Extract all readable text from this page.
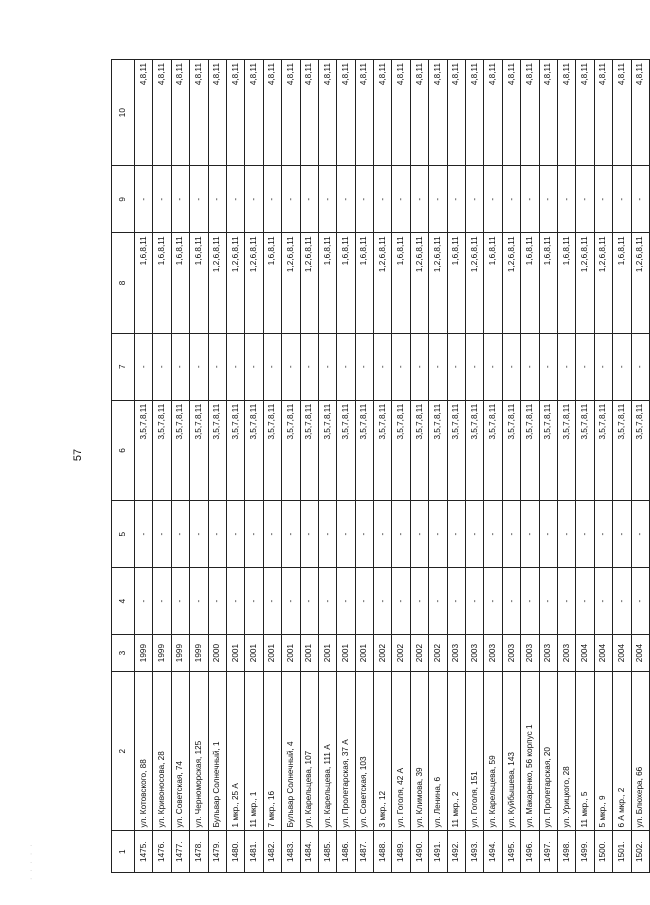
57
· · · · ·	1	2	3	4	5	6	7	8	9	10
1475.	ул. Котовского, 88	1999	-	-	3,5,7,8,11	-	1,6,8,11	-	4,8,11
1476.	ул. Кривоносова, 28	1999	-	-	3,5,7,8,11	-	1,6,8,11	-	4,8,11
1477.	ул. Советская, 74	1999	-	-	3,5,7,8,11	-	1,6,8,11	-	4,8,11
1478.	ул. Черноморская, 125	1999	-	-	3,5,7,8,11	-	1,6,8,11	-	4,8,11
1479.	Бульвар Солнечный, 1	2000	-	-	3,5,7,8,11	-	1,2,6,8,11	-	4,8,11
1480.	1 мкр., 25 А	2001	-	-	3,5,7,8,11	-	1,2,6,8,11	-	4,8,11
1481.	11 мкр., 1	2001	-	-	3,5,7,8,11	-	1,2,6,8,11	-	4,8,11
1482.	7 мкр., 16	2001	-	-	3,5,7,8,11	-	1,6,8,11	-	4,8,11
1483.	Бульвар Солнечный, 4	2001	-	-	3,5,7,8,11	-	1,2,6,8,11	-	4,8,11
1484.	ул. Карельцева, 107	2001	-	-	3,5,7,8,11	-	1,2,6,8,11	-	4,8,11
1485.	ул. Карельцева, 111 А	2001	-	-	3,5,7,8,11	-	1,6,8,11	-	4,8,11
1486.	ул. Пролетарская, 37 А	2001	-	-	3,5,7,8,11	-	1,6,8,11	-	4,8,11
1487.	ул. Советская, 103	2001	-	-	3,5,7,8,11	-	1,6,8,11	-	4,8,11
1488.	3 мкр., 12	2002	-	-	3,5,7,8,11	-	1,2,6,8,11	-	4,8,11
1489.	ул. Гоголя, 42 А	2002	-	-	3,5,7,8,11	-	1,6,8,11	-	4,8,11
1490.	ул. Климова, 39	2002	-	-	3,5,7,8,11	-	1,2,6,8,11	-	4,8,11
1491.	ул. Ленина, 6	2002	-	-	3,5,7,8,11	-	1,2,6,8,11	-	4,8,11
1492.	11 мкр., 2	2003	-	-	3,5,7,8,11	-	1,6,8,11	-	4,8,11
1493.	ул. Гоголя, 151	2003	-	-	3,5,7,8,11	-	1,2,6,8,11	-	4,8,11
1494.	ул. Карельцева, 59	2003	-	-	3,5,7,8,11	-	1,6,8,11	-	4,8,11
1495.	ул. Куйбышева, 143	2003	-	-	3,5,7,8,11	-	1,2,6,8,11	-	4,8,11
1496.	ул. Макаренко, 56 корпус 1	2003	-	-	3,5,7,8,11	-	1,6,8,11	-	4,8,11
1497.	ул. Пролетарская, 20	2003	-	-	3,5,7,8,11	-	1,6,8,11	-	4,8,11
1498.	ул. Урицкого, 28	2003	-	-	3,5,7,8,11	-	1,6,8,11	-	4,8,11
1499.	11 мкр., 5	2004	-	-	3,5,7,8,11	-	1,2,6,8,11	-	4,8,11
1500.	5 мкр., 9	2004	-	-	3,5,7,8,11	-	1,2,6,8,11	-	4,8,11
1501.	6 А мкр., 2	2004	-	-	3,5,7,8,11	-	1,6,8,11	-	4,8,11
1502.	ул. Блюхера, 66	2004	-	-	3,5,7,8,11	-	1,2,6,8,11	-	4,8,11
